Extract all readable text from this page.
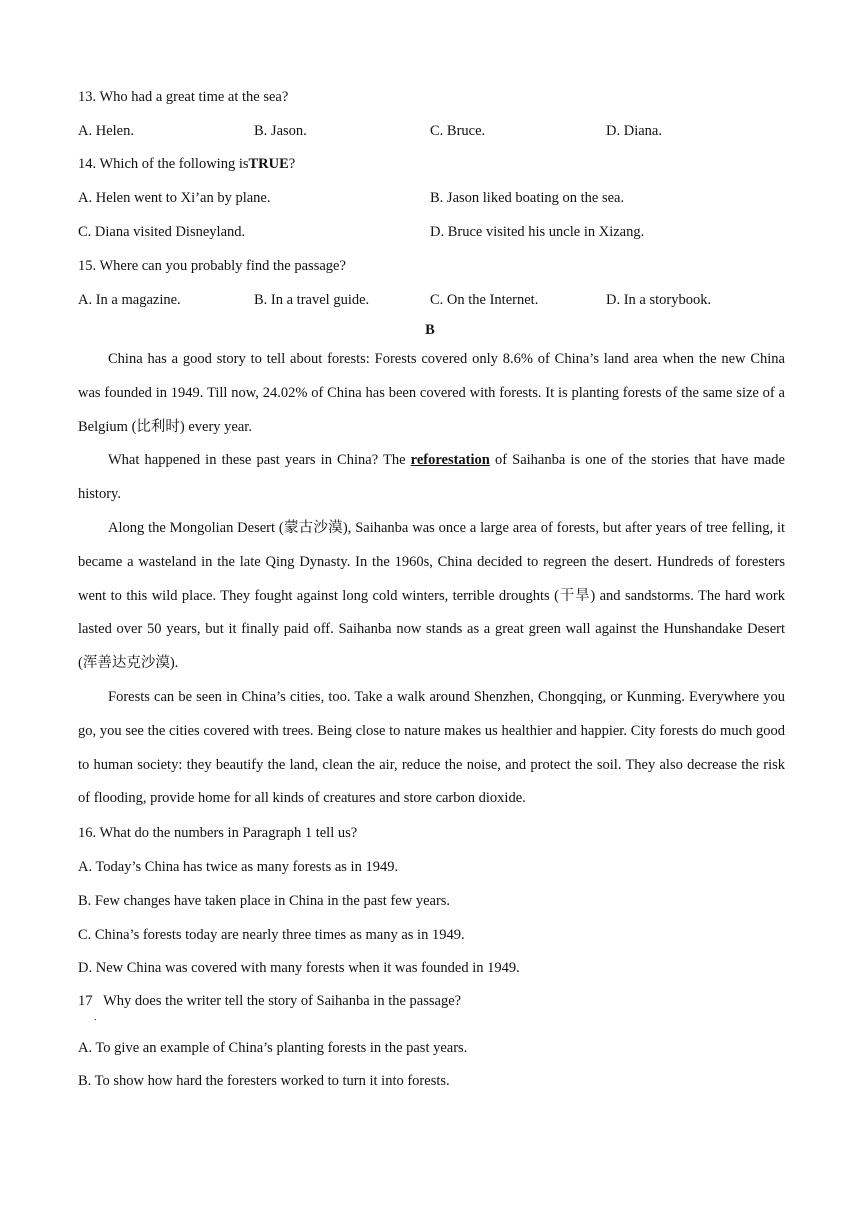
13. Who had a great time at the sea?
A. Helen.	B. Jason.	C. Bruce.	D. Diana.
14. Which of the following isTRUE?
A. Helen went to Xi’an by plane.	B. Jason liked boating on the sea.
C. Diana visited Disneyland.	D. Bruce visited his uncle in Xizang.
15. Where can you probably find the passage?
A. In a magazine.	B. In a travel guide.	C. On the Internet.	D. In a storybook.
B
China has a good story to tell about forests: Forests covered only 8.6% of China’s land area when the new China was founded in 1949. Till now, 24.02% of China has been covered with forests. It is planting forests of the same size of a Belgium (比利时) every year.
What happened in these past years in China? The reforestation of Saihanba is one of the stories that have made history.
Along the Mongolian Desert (蒙古沙漠), Saihanba was once a large area of forests, but after years of tree felling, it became a wasteland in the late Qing Dynasty. In the 1960s, China decided to regreen the desert. Hundreds of foresters went to this wild place. They fought against long cold winters, terrible droughts (干旱) and sandstorms. The hard work lasted over 50 years, but it finally paid off. Saihanba now stands as a great green wall against the Hunshandake Desert (浑善达克沙漠).
Forests can be seen in China’s cities, too. Take a walk around Shenzhen, Chongqing, or Kunming. Everywhere you go, you see the cities covered with trees. Being close to nature makes us healthier and happier. City forests do much good to human society: they beautify the land, clean the air, reduce the noise, and protect the soil. They also decrease the risk of flooding, provide home for all kinds of creatures and store carbon dioxide.
16. What do the numbers in Paragraph 1 tell us?
A. Today’s China has twice as many forests as in 1949.
B. Few changes have taken place in China in the past few years.
C. China’s forests today are nearly three times as many as in 1949.
D. New China was covered with many forests when it was founded in 1949.
17   Why does the writer tell the story of Saihanba in the passage?
．
A. To give an example of China’s planting forests in the past years.
B. To show how hard the foresters worked to turn it into forests.
